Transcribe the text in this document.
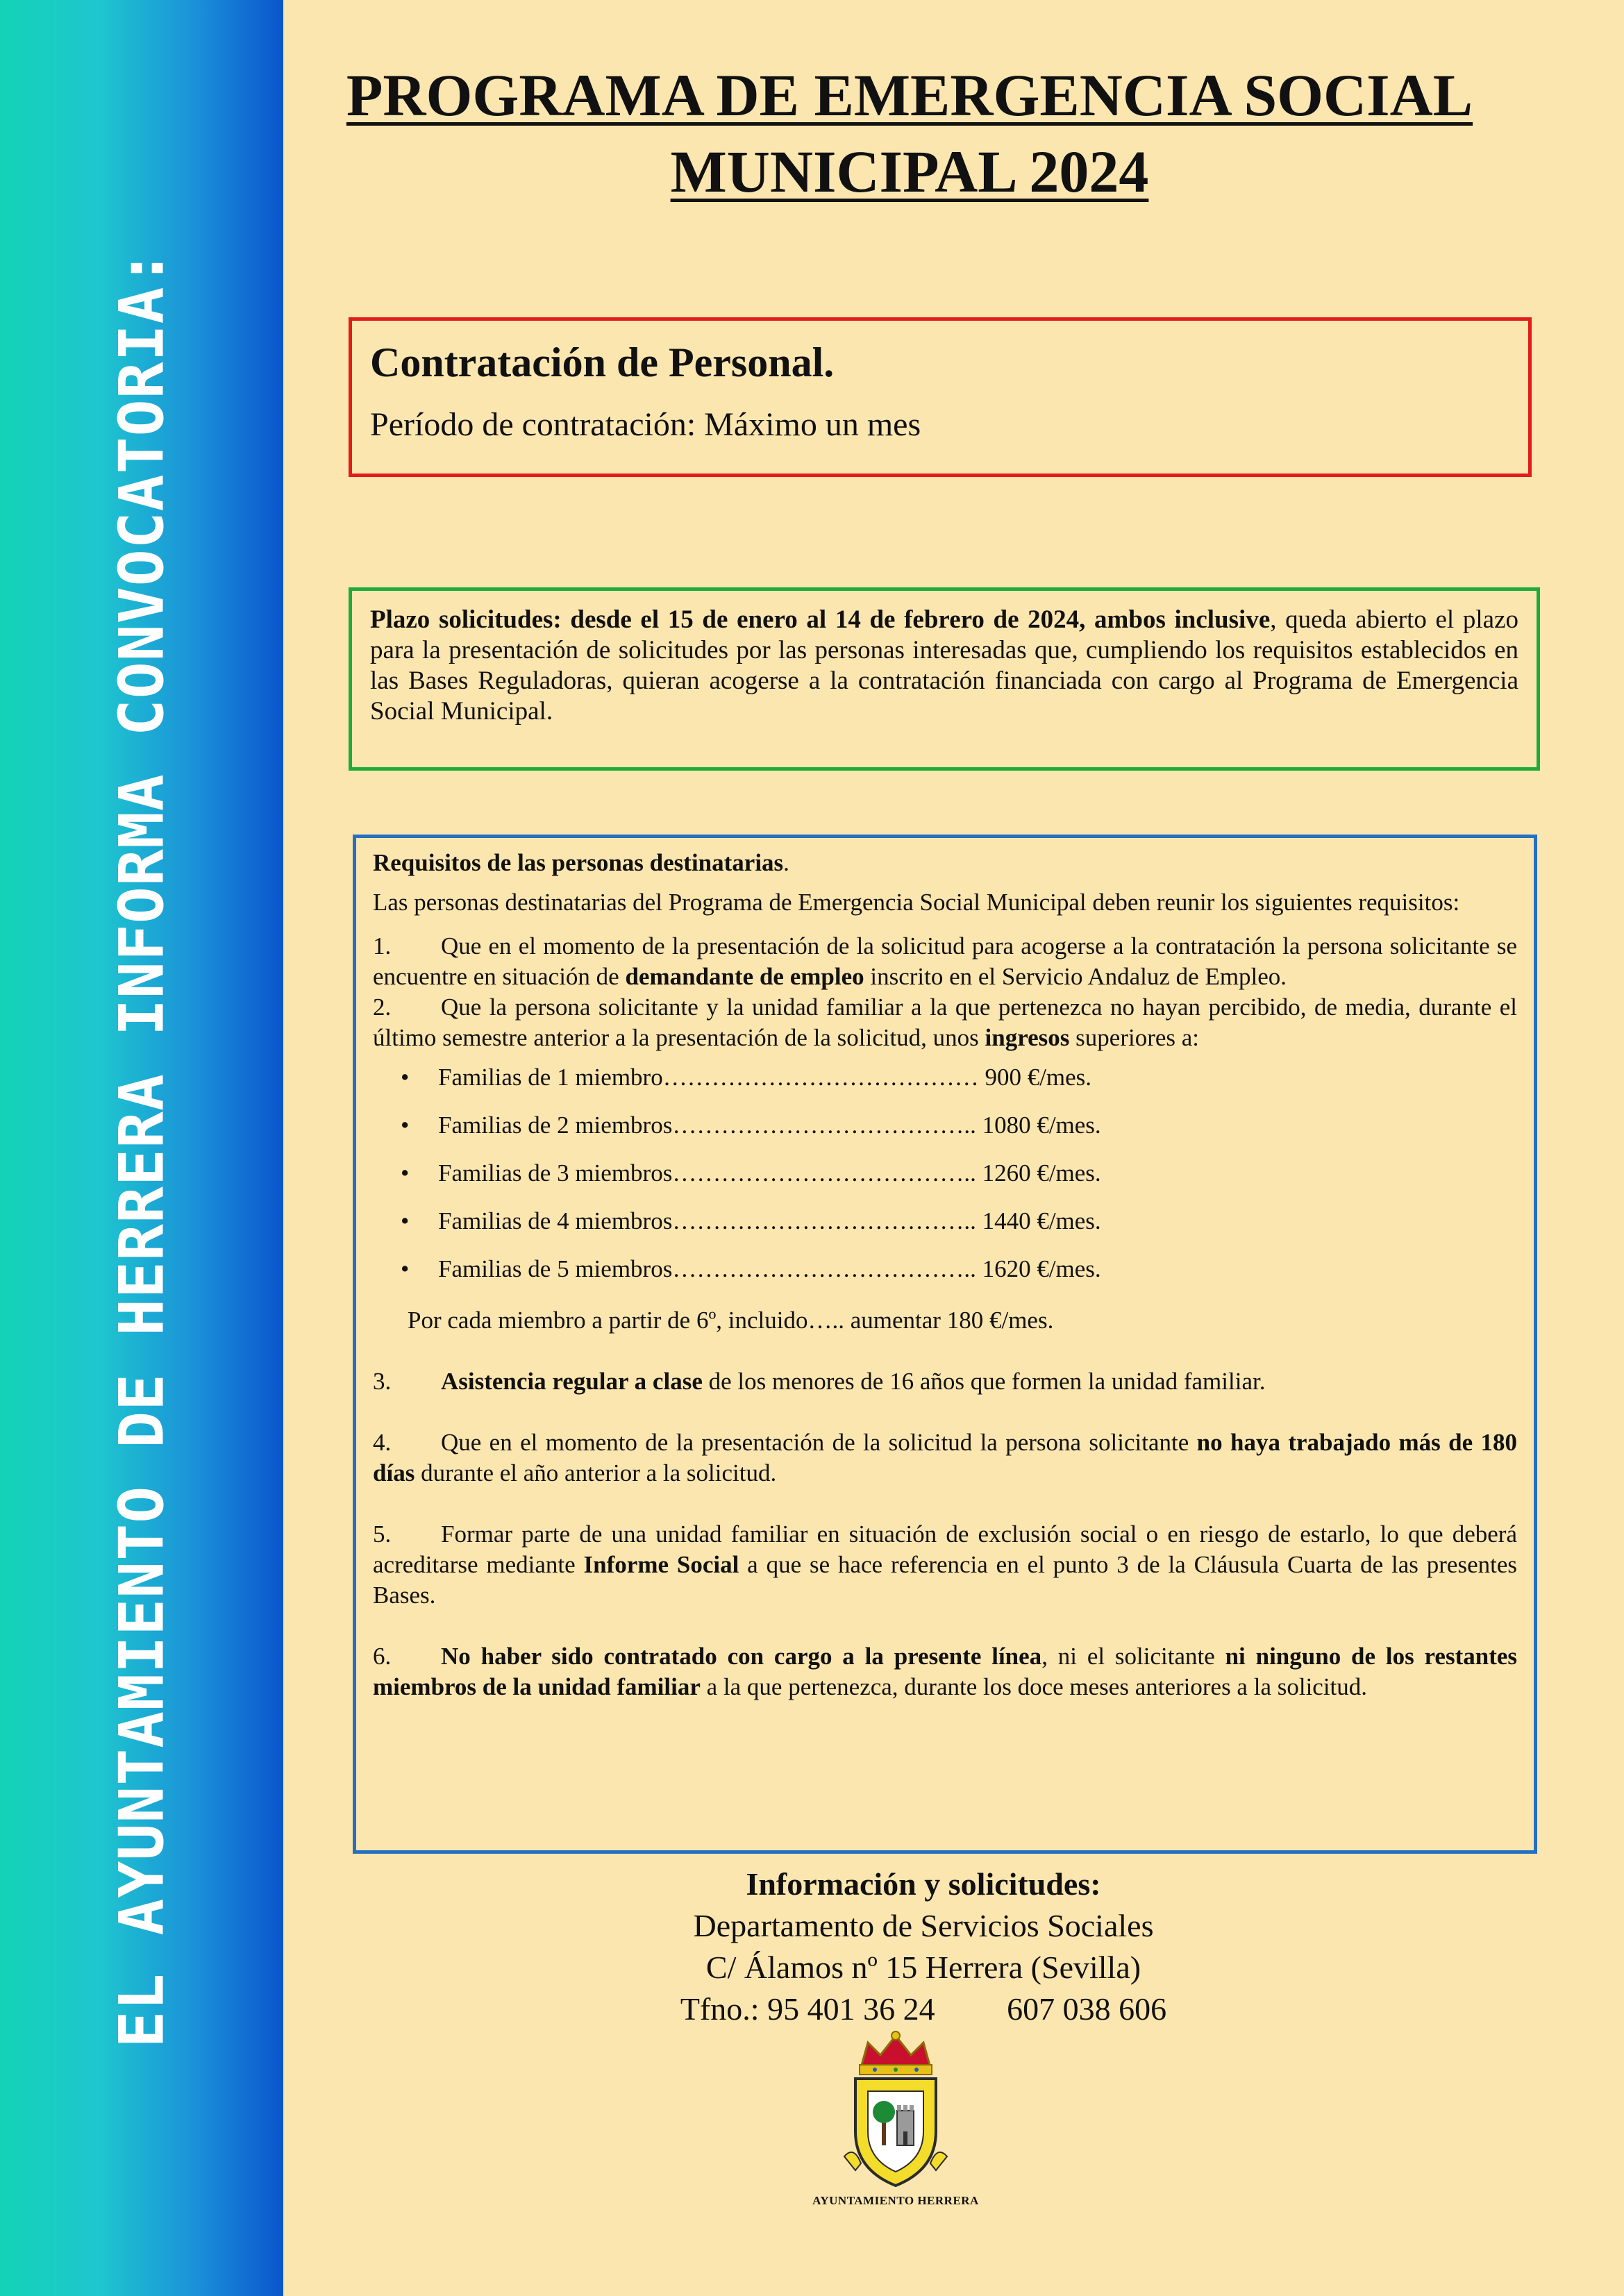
EL AYUNTAMIENTO DE HERRERA INFORMA CONVOCATORIA:
PROGRAMA DE EMERGENCIA SOCIAL
MUNICIPAL 2024
Contratación de Personal.
Período de contratación: Máximo un mes
Plazo solicitudes: desde el 15 de enero al 14 de febrero de 2024, ambos inclusive, queda abierto el plazo para la presentación de solicitudes por las personas interesadas que, cumpliendo los requisitos establecidos en las Bases Reguladoras, quieran acogerse a la contratación financiada con cargo al Programa de Emergencia Social Municipal.

Requisitos de las personas destinatarias.

Las personas destinatarias del Programa de Emergencia Social Municipal deben reunir los siguientes requisitos:

1. Que en el momento de la presentación de la solicitud para acogerse a la contratación la persona solicitante se encuentre en situación de demandante de empleo inscrito en el Servicio Andaluz de Empleo.

2. Que la persona solicitante y la unidad familiar a la que pertenezca no hayan percibido, de media, durante el último semestre anterior a la presentación de la solicitud, unos ingresos superiores a:

• Familias de 1 miembro………………………………… 900 €/mes.
• Familias de 2 miembros……………………………….. 1080 €/mes.
• Familias de 3 miembros……………………………….. 1260 €/mes.
• Familias de 4 miembros……………………………….. 1440 €/mes.
• Familias de 5 miembros……………………………….. 1620 €/mes.

Por cada miembro a partir de 6º, incluido….. aumentar 180 €/mes.

3. Asistencia regular a clase de los menores de 16 años que formen la unidad familiar.

4. Que en el momento de la presentación de la solicitud la persona solicitante no haya trabajado más de 180 días durante el año anterior a la solicitud.

5. Formar parte de una unidad familiar en situación de exclusión social o en riesgo de estarlo, lo que deberá acreditarse mediante Informe Social a que se hace referencia en el punto 3 de la Cláusula Cuarta de las presentes Bases.

6. No haber sido contratado con cargo a la presente línea, ni el solicitante ni ninguno de los restantes miembros de la unidad familiar a la que pertenezca, durante los doce meses anteriores a la solicitud.

Información y solicitudes:
Departamento de Servicios Sociales
C/ Álamos nº 15 Herrera (Sevilla)
Tfno.: 95 401 36 24         607 038 606
AYUNTAMIENTO HERRERA
